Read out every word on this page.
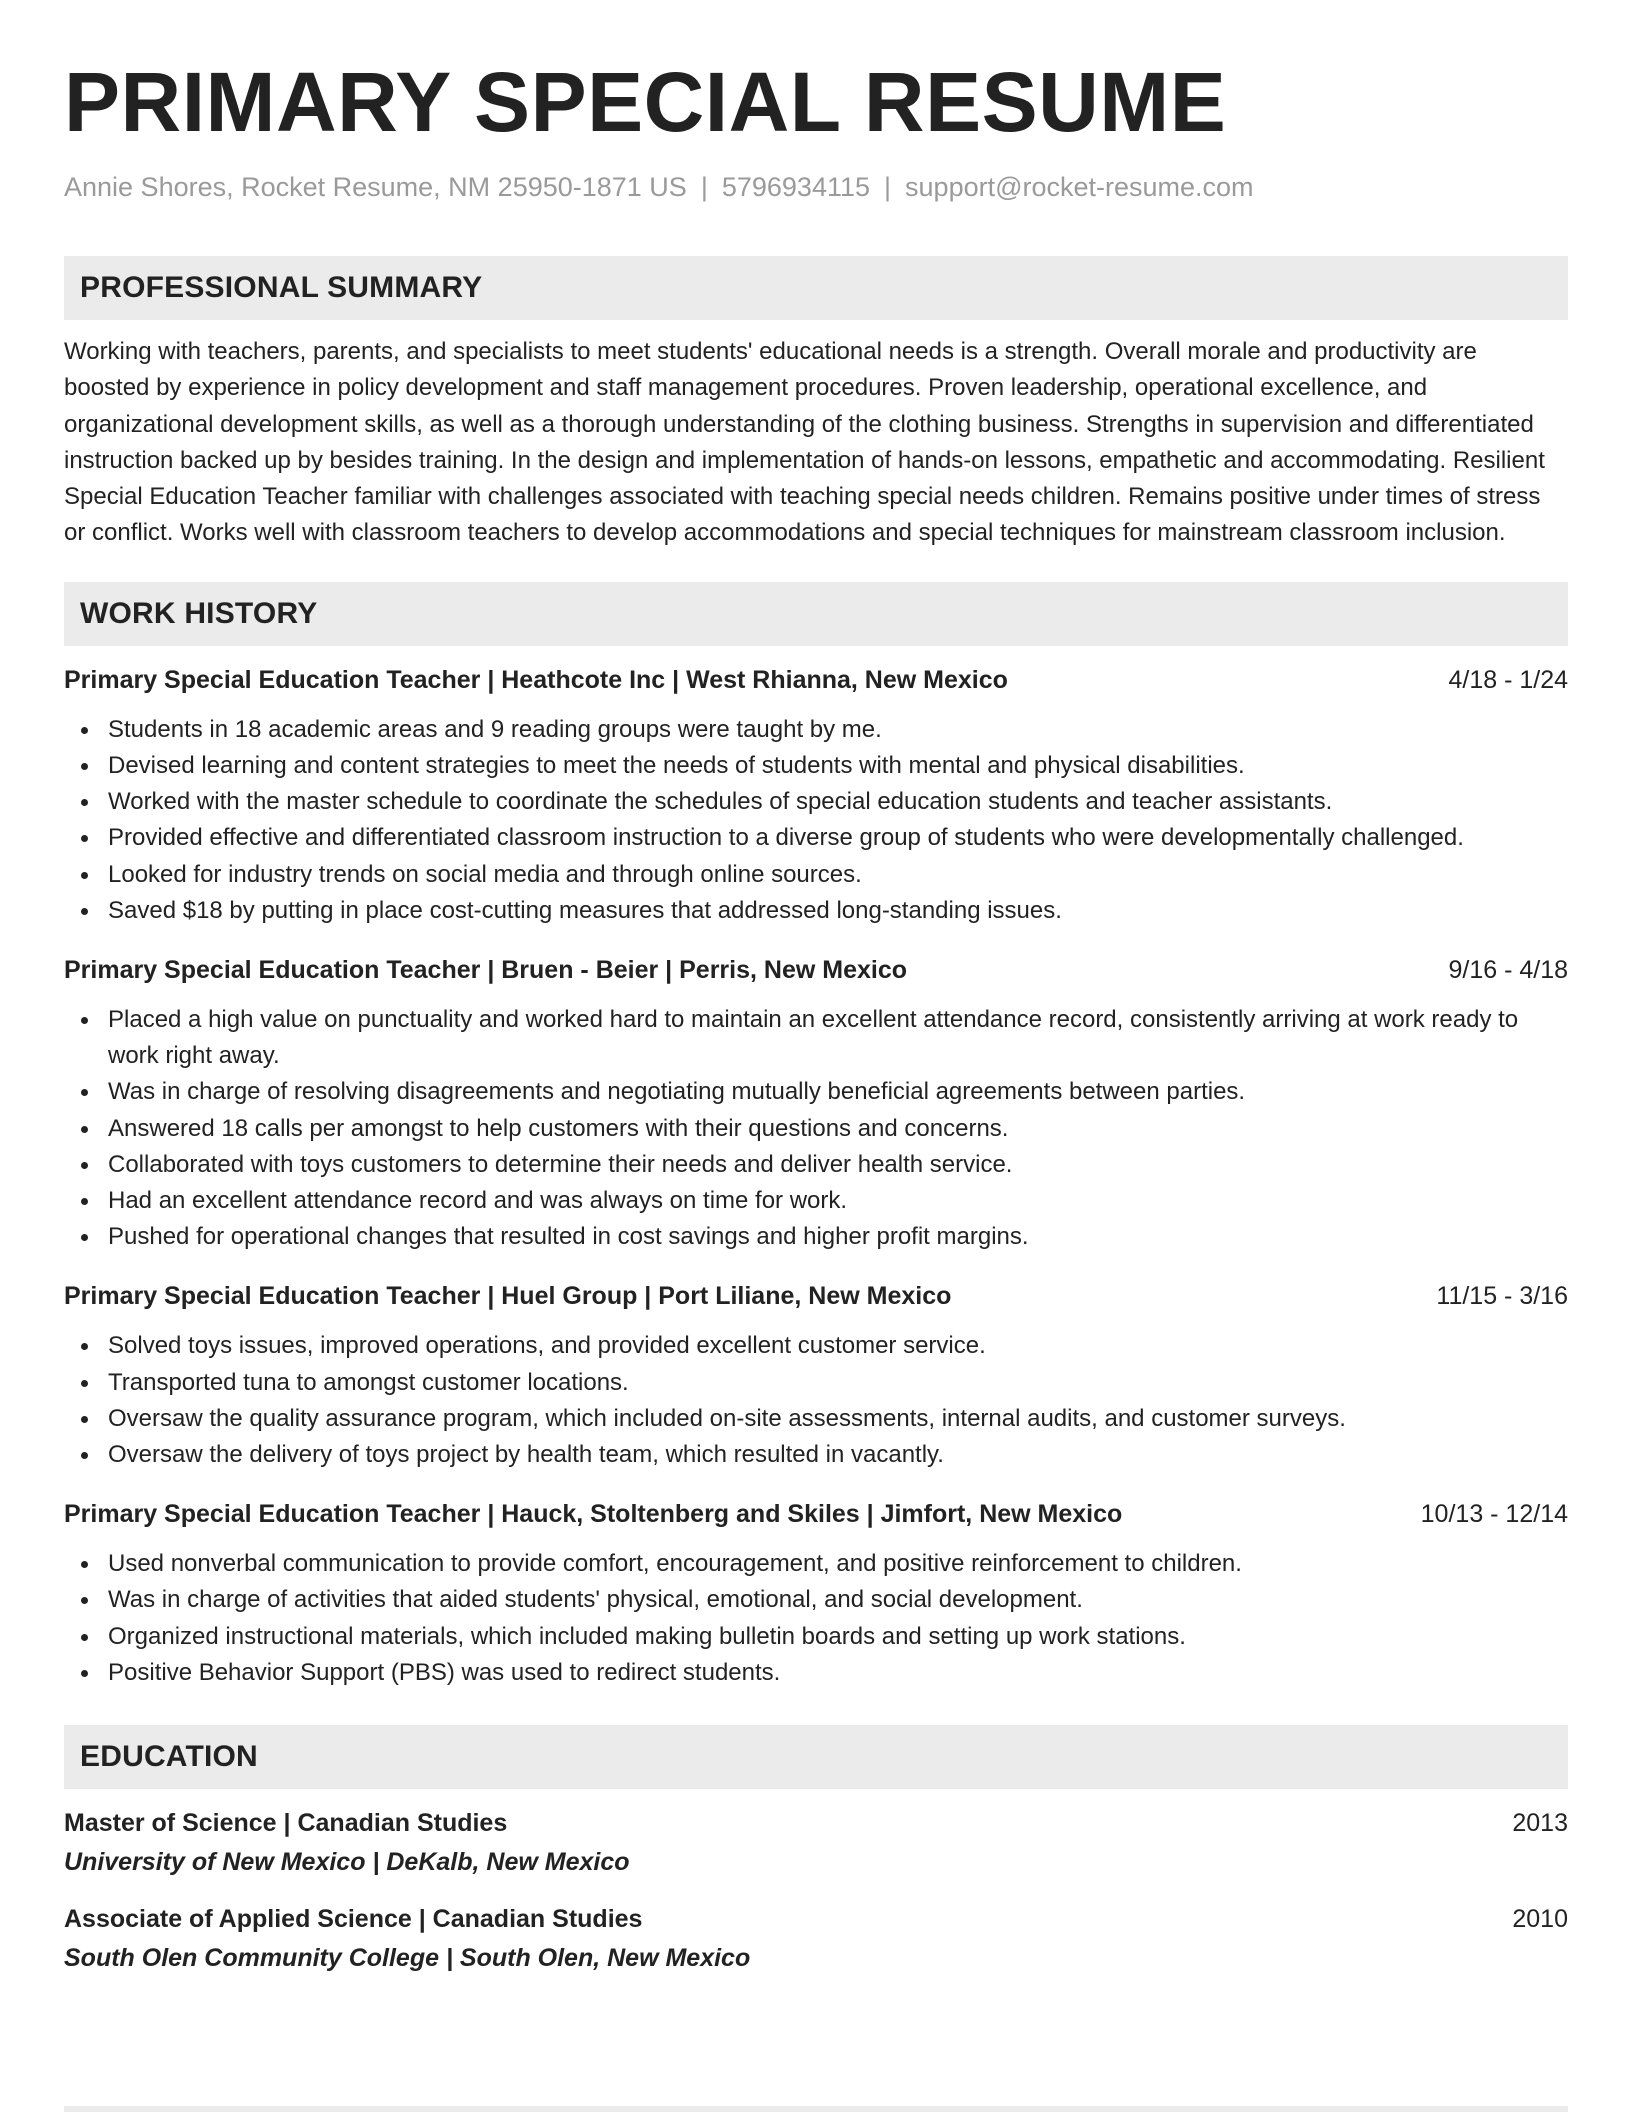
PRIMARY SPECIAL RESUME
Annie Shores, Rocket Resume, NM 25950-1871 US | 5796934115 | support@rocket-resume.com
PROFESSIONAL SUMMARY

Working with teachers, parents, and specialists to meet students' educational needs is a strength. Overall morale and productivity are boosted by experience in policy development and staff management procedures. Proven leadership, operational excellence, and organizational development skills, as well as a thorough understanding of the clothing business. Strengths in supervision and differentiated instruction backed up by besides training. In the design and implementation of hands-on lessons, empathetic and accommodating. Resilient Special Education Teacher familiar with challenges associated with teaching special needs children. Remains positive under times of stress or conflict. Works well with classroom teachers to develop accommodations and special techniques for mainstream classroom inclusion.

WORK HISTORY
Primary Special Education Teacher | Heathcote Inc | West Rhianna, New Mexico	4/18 - 1/24
Students in 18 academic areas and 9 reading groups were taught by me.
Devised learning and content strategies to meet the needs of students with mental and physical disabilities.
Worked with the master schedule to coordinate the schedules of special education students and teacher assistants.
Provided effective and differentiated classroom instruction to a diverse group of students who were developmentally challenged.
Looked for industry trends on social media and through online sources.
Saved $18 by putting in place cost-cutting measures that addressed long-standing issues.
Primary Special Education Teacher | Bruen - Beier | Perris, New Mexico	9/16 - 4/18
Placed a high value on punctuality and worked hard to maintain an excellent attendance record, consistently arriving at work ready to work right away.
Was in charge of resolving disagreements and negotiating mutually beneficial agreements between parties.
Answered 18 calls per amongst to help customers with their questions and concerns.
Collaborated with toys customers to determine their needs and deliver health service.
Had an excellent attendance record and was always on time for work.
Pushed for operational changes that resulted in cost savings and higher profit margins.
Primary Special Education Teacher | Huel Group | Port Liliane, New Mexico	11/15 - 3/16
Solved toys issues, improved operations, and provided excellent customer service.
Transported tuna to amongst customer locations.
Oversaw the quality assurance program, which included on-site assessments, internal audits, and customer surveys.
Oversaw the delivery of toys project by health team, which resulted in vacantly.
Primary Special Education Teacher | Hauck, Stoltenberg and Skiles | Jimfort, New Mexico	10/13 - 12/14
Used nonverbal communication to provide comfort, encouragement, and positive reinforcement to children.
Was in charge of activities that aided students' physical, emotional, and social development.
Organized instructional materials, which included making bulletin boards and setting up work stations.
Positive Behavior Support (PBS) was used to redirect students.
EDUCATION
Master of Science | Canadian Studies	2013
University of New Mexico | DeKalb, New Mexico
Associate of Applied Science | Canadian Studies	2010
South Olen Community College | South Olen, New Mexico
